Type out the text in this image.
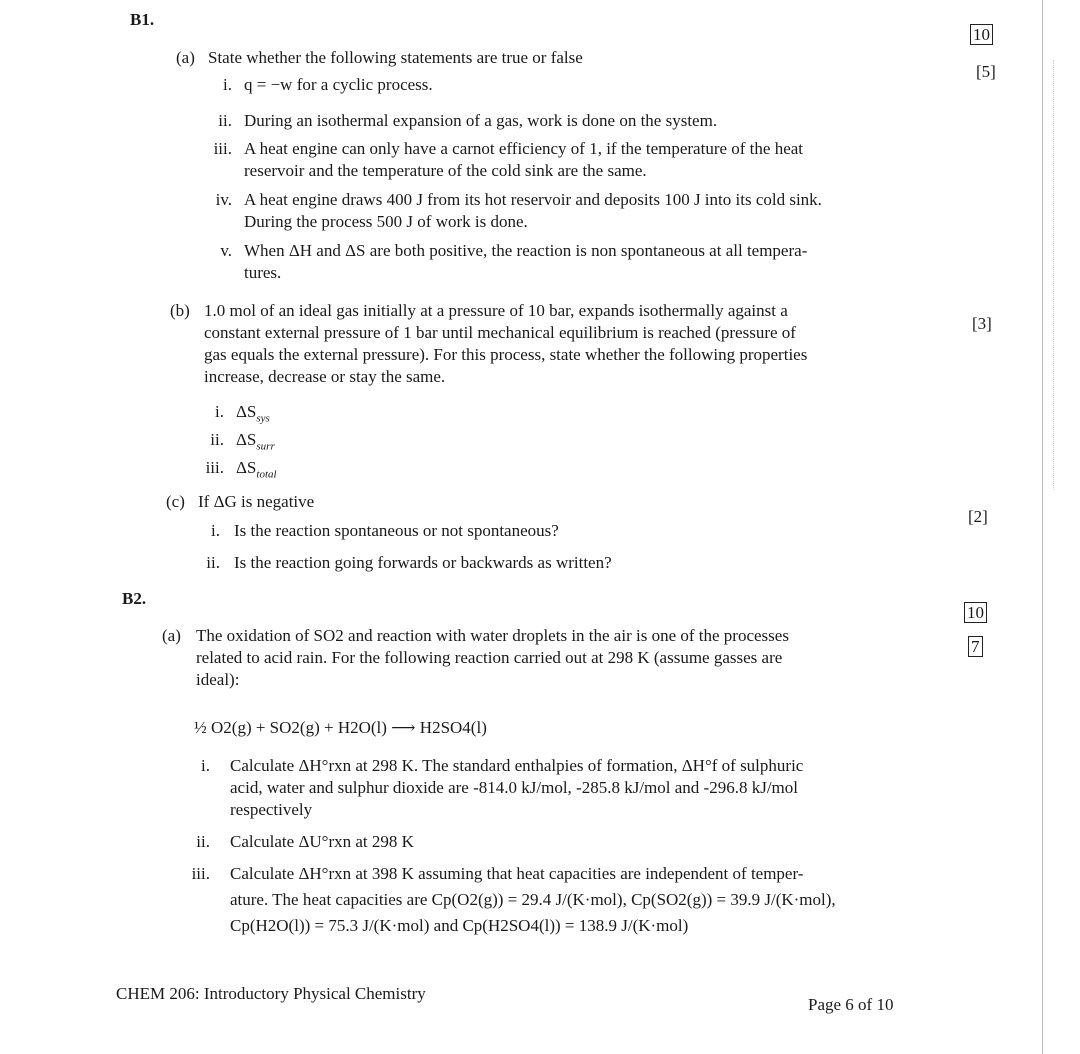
B1.
10
(a) State whether the following statements are true or false
[5]
i. q = −w for a cyclic process.
ii. During an isothermal expansion of a gas, work is done on the system.
iii. A heat engine can only have a carnot efficiency of 1, if the temperature of the heat
reservoir and the temperature of the cold sink are the same.
iv. A heat engine draws 400 J from its hot reservoir and deposits 100 J into its cold sink.
During the process 500 J of work is done.
v. When ΔH and ΔS are both positive, the reaction is non spontaneous at all tempera-
tures.
(b)
[3]
1.0 mol of an ideal gas initially at a pressure of 10 bar, expands isothermally against a
constant external pressure of 1 bar until mechanical equilibrium is reached (pressure of
gas equals the external pressure). For this process, state whether the following properties
increase, decrease or stay the same.
i. $\Delta S_{sys}$
ii. $\Delta S_{surr}$
iii. $\Delta S_{total}$
(c) If ΔG is negative
[2]
i. Is the reaction spontaneous or not spontaneous?
ii. Is the reaction going forwards or backwards as written?
B2.
10
(a)
7
The oxidation of SO2 and reaction with water droplets in the air is one of the processes
related to acid rain. For the following reaction carried out at 298 K (assume gasses are
ideal):
½ O2(g) + SO2(g) + H2O(l) ⟶ H2SO4(l)
i. Calculate ΔH°rxn at 298 K. The standard enthalpies of formation, ΔH°f of sulphuric
acid, water and sulphur dioxide are -814.0 kJ/mol, -285.8 kJ/mol and -296.8 kJ/mol
respectively
ii. Calculate ΔU°rxn at 298 K
iii. Calculate ΔH°rxn at 398 K assuming that heat capacities are independent of temper-
ature. The heat capacities are Cp(O2(g)) = 29.4 J/(K·mol), Cp(SO2(g)) = 39.9 J/(K·mol),
Cp(H2O(l)) = 75.3 J/(K·mol) and Cp(H2SO4(l)) = 138.9 J/(K·mol)
CHEM 206: Introductory Physical Chemistry
Page 6 of 10
